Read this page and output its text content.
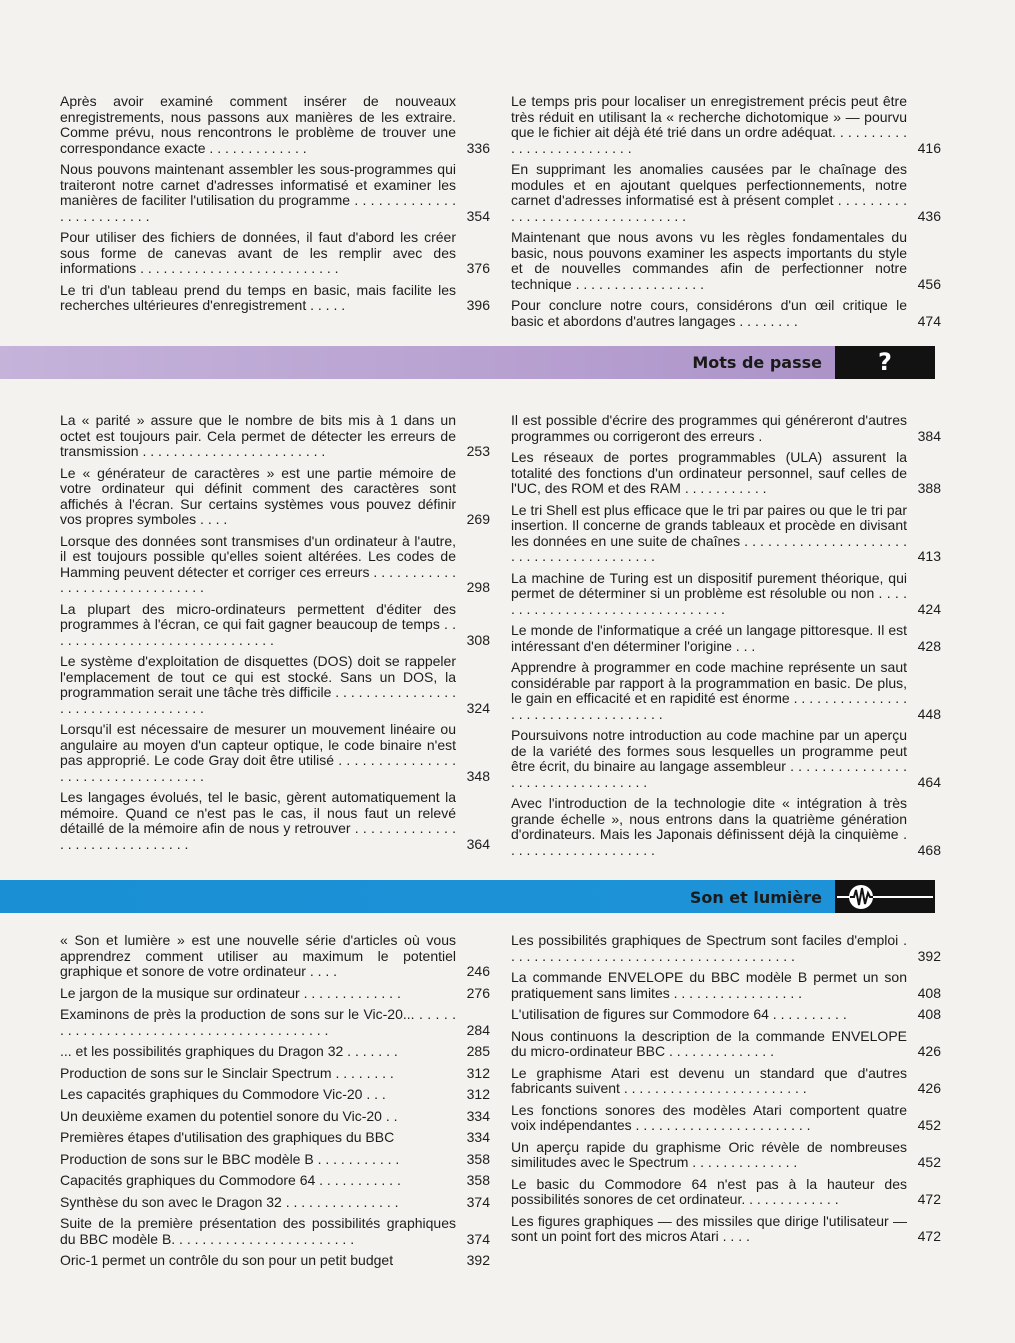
Après avoir examiné comment insérer de nouveaux enregistrements, nous passons aux manières de les extraire. Comme prévu, nous rencontrons le problème de trouver une correspondance exacte . . . . . . . . . . . . .	336
Nous pouvons maintenant assembler les sous-programmes qui traiteront notre carnet d'adresses informatisé et examiner les manières de faciliter l'utilisation du programme . . . . . . . . . . . . . . . . . . . . . . . . .	354
Pour utiliser des fichiers de données, il faut d'abord les créer sous forme de canevas avant de les remplir avec des informations . . . . . . . . . . . . . . . . . . . . . . . . . .	376
Le tri d'un tableau prend du temps en basic, mais facilite les recherches ultérieures d'enregistrement . . . . .	396
Le temps pris pour localiser un enregistrement précis peut être très réduit en utilisant la « recherche dichotomique » — pourvu que le fichier ait déjà été trié dans un ordre adéquat. . . . . . . . . . . . . . . . . . . . . . . . . .	416
En supprimant les anomalies causées par le chaînage des modules et en ajoutant quelques perfectionnements, notre carnet d'adresses informatisé est à présent complet . . . . . . . . . . . . . . . . . . . . . . . . . . . . . . . .	436
Maintenant que nous avons vu les règles fondamentales du basic, nous pouvons examiner les aspects importants du style et de nouvelles commandes afin de perfectionner notre technique . . . . . . . . . . . . . . . . .	456
Pour conclure notre cours, considérons d'un œil critique le basic et abordons d'autres langages . . . . . . . .	474
Mots de passe	?
La « parité » assure que le nombre de bits mis à 1 dans un octet est toujours pair. Cela permet de détecter les erreurs de transmission . . . . . . . . . . . . . . . . . . . . . . . .	253
Le « générateur de caractères » est une partie mémoire de votre ordinateur qui définit comment des caractères sont affichés à l'écran. Sur certains systèmes vous pouvez définir vos propres symboles . . . .	269
Lorsque des données sont transmises d'un ordinateur à l'autre, il est toujours possible qu'elles soient altérées. Les codes de Hamming peuvent détecter et corriger ces erreurs . . . . . . . . . . . . . . . . . . . . . . . . . . . . . .	298
La plupart des micro-ordinateurs permettent d'éditer des programmes à l'écran, ce qui fait gagner beaucoup de temps . . . . . . . . . . . . . . . . . . . . . . . . . . . . . .	308
Le système d'exploitation de disquettes (DOS) doit se rappeler l'emplacement de tout ce qui est stocké. Sans un DOS, la programmation serait une tâche très difficile . . . . . . . . . . . . . . . . . . . . . . . . . . . . . . . . . . .	324
Lorsqu'il est nécessaire de mesurer un mouvement linéaire ou angulaire au moyen d'un capteur optique, le code binaire n'est pas approprié. Le code Gray doit être utilisé . . . . . . . . . . . . . . . . . . . . . . . . . . . . . . . . . .	348
Les langages évolués, tel le basic, gèrent automatiquement la mémoire. Quand ce n'est pas le cas, il nous faut un relevé détaillé de la mémoire afin de nous y retrouver . . . . . . . . . . . . . . . . . . . . . . . . . . . . . .	364
Il est possible d'écrire des programmes qui généreront d'autres programmes ou corrigeront des erreurs .	384
Les réseaux de portes programmables (ULA) assurent la totalité des fonctions d'un ordinateur personnel, sauf celles de l'UC, des ROM et des RAM . . . . . . . . . . .	388
Le tri Shell est plus efficace que le tri par paires ou que le tri par insertion. Il concerne de grands tableaux et procède en divisant les données en une suite de chaînes . . . . . . . . . . . . . . . . . . . . . . . . . . . . . . . . . . . . . . . .	413
La machine de Turing est un dispositif purement théorique, qui permet de déterminer si un problème est résoluble ou non . . . . . . . . . . . . . . . . . . . . . . . . . . . . . . . .	424
Le monde de l'informatique a créé un langage pittoresque. Il est intéressant d'en déterminer l'origine . . .	428
Apprendre à programmer en code machine représente un saut considérable par rapport à la programmation en basic. De plus, le gain en efficacité et en rapidité est énorme . . . . . . . . . . . . . . . . . . . . . . . . . . . . . . . . . . .	448
Poursuivons notre introduction au code machine par un aperçu de la variété des formes sous lesquelles un programme peut être écrit, du binaire au langage assembleur . . . . . . . . . . . . . . . . . . . . . . . . . . . . . . . . .	464
Avec l'introduction de la technologie dite « intégration à très grande échelle », nous entrons dans la quatrième génération d'ordinateurs. Mais les Japonais définissent déjà la cinquième . . . . . . . . . . . . . . . . . . . .	468
Son et lumière
« Son et lumière » est une nouvelle série d'articles où vous apprendrez comment utiliser au maximum le potentiel graphique et sonore de votre ordinateur . . . .	246
Le jargon de la musique sur ordinateur . . . . . . . . . . . . .	276
Examinons de près la production de sons sur le Vic-20... . . . . . . . . . . . . . . . . . . . . . . . . . . . . . . . . . . . . . . . .	284
... et les possibilités graphiques du Dragon 32 . . . . . . .	285
Production de sons sur le Sinclair Spectrum . . . . . . . .	312
Les capacités graphiques du Commodore Vic-20 . . .	312
Un deuxième examen du potentiel sonore du Vic-20 . .	334
Premières étapes d'utilisation des graphiques du BBC	334
Production de sons sur le BBC modèle B . . . . . . . . . . .	358
Capacités graphiques du Commodore 64 . . . . . . . . . . .	358
Synthèse du son avec le Dragon 32 . . . . . . . . . . . . . . .	374
Suite de la première présentation des possibilités graphiques du BBC modèle B. . . . . . . . . . . . . . . . . . . . . . . .	374
Oric-1 permet un contrôle du son pour un petit budget	392
Les possibilités graphiques de Spectrum sont faciles d'emploi . . . . . . . . . . . . . . . . . . . . . . . . . . . . . . . . . . . . . .	392
La commande ENVELOPE du BBC modèle B permet un son pratiquement sans limites . . . . . . . . . . . . . . . . .	408
L'utilisation de figures sur Commodore 64 . . . . . . . . . .	408
Nous continuons la description de la commande ENVELOPE du micro-ordinateur BBC . . . . . . . . . . . . . .	426
Le graphisme Atari est devenu un standard que d'autres fabricants suivent . . . . . . . . . . . . . . . . . . . . . . . .	426
Les fonctions sonores des modèles Atari comportent quatre voix indépendantes . . . . . . . . . . . . . . . . . . . . . . .	452
Un aperçu rapide du graphisme Oric révèle de nombreuses similitudes avec le Spectrum . . . . . . . . . . . . . .	452
Le basic du Commodore 64 n'est pas à la hauteur des possibilités sonores de cet ordinateur. . . . . . . . . . . . .	472
Les figures graphiques — des missiles que dirige l'utilisateur — sont un point fort des micros Atari . . . .	472
